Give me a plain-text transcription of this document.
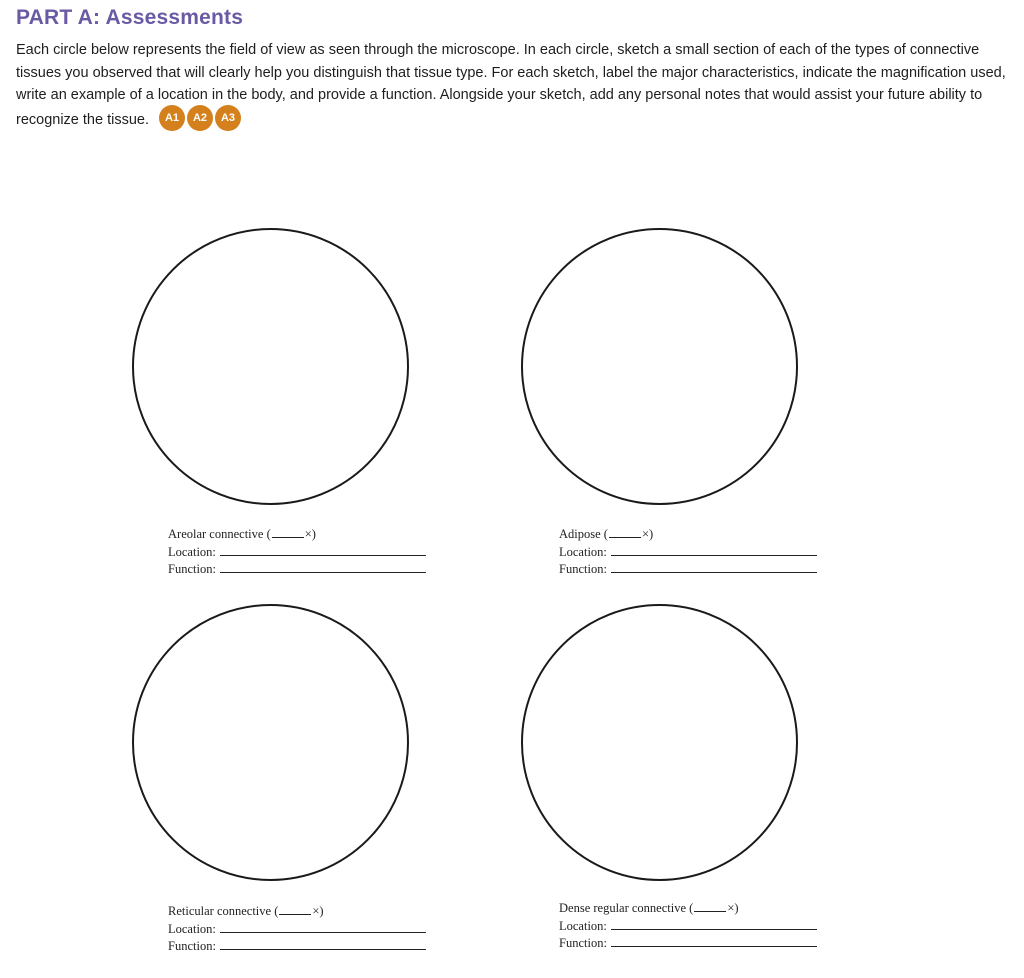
PART A: Assessments

Each circle below represents the field of view as seen through the microscope. In each circle, sketch a small section of each of the types of connective tissues you observed that will clearly help you distinguish that tissue type. For each sketch, label the major characteristics, indicate the magnification used, write an example of a location in the body, and provide a function. Alongside your sketch, add any personal notes that would assist your future ability to recognize the tissue. A1 A2 A3

Areolar connective (	×)
Location:
Function:
Adipose (	×)
Location:
Function:
Reticular connective (	×)
Location:
Function:
Dense regular connective (	×)
Location:
Function:
